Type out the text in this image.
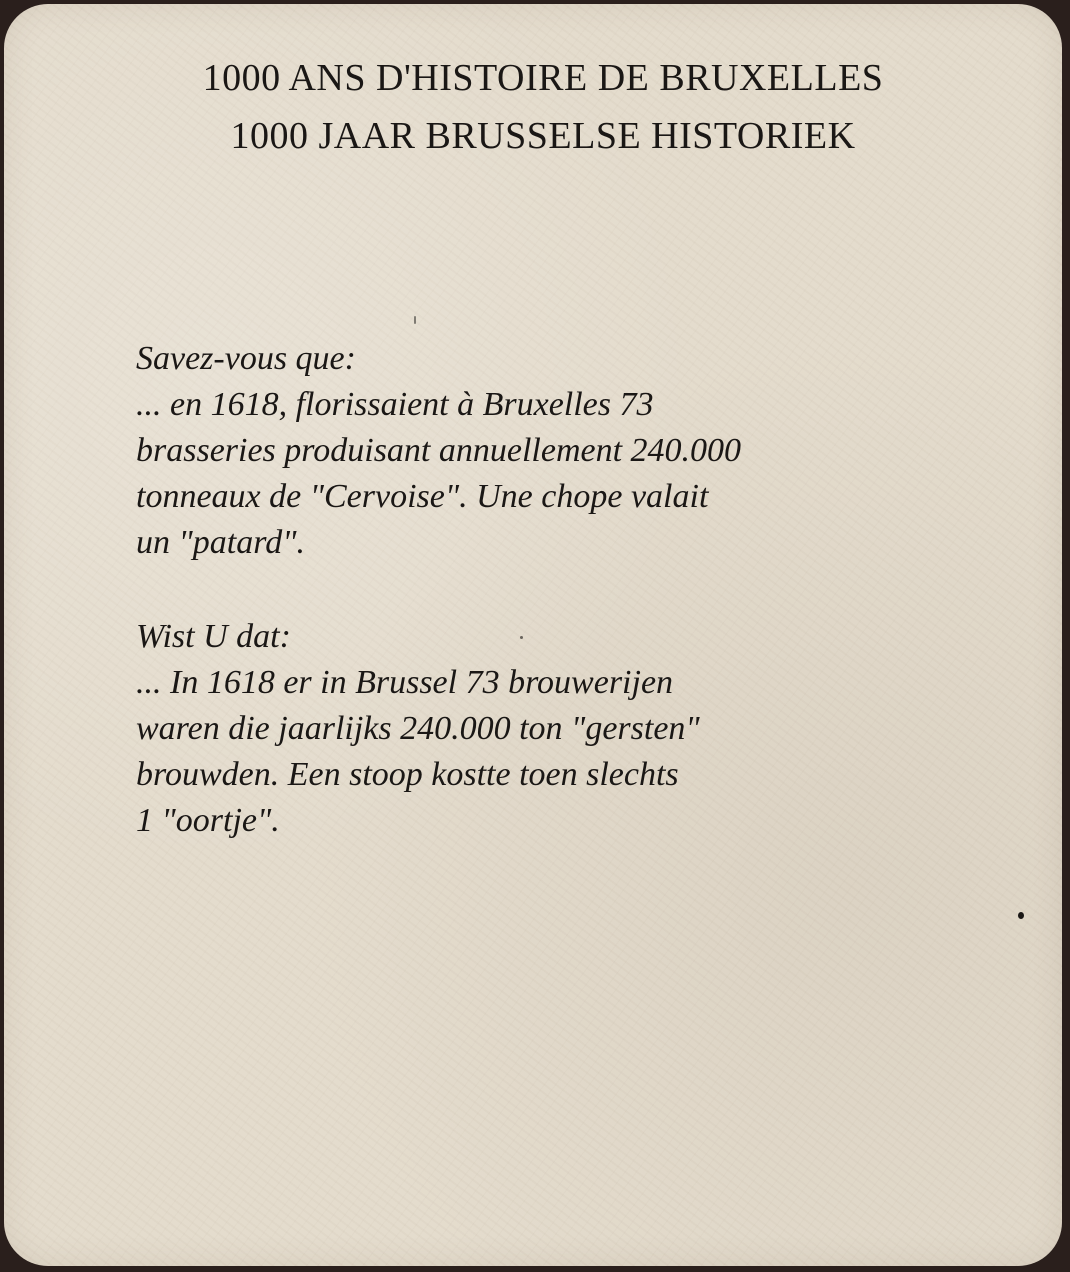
1000 ANS D'HISTOIRE DE BRUXELLES
1000 JAAR BRUSSELSE HISTORIEK
Savez-vous que:
... en 1618, florissaient à Bruxelles 73
brasseries produisant annuellement 240.000
tonneaux de "Cervoise". Une chope valait
un "patard".
Wist U dat:
... In 1618 er in Brussel 73 brouwerijen
waren die jaarlijks 240.000 ton "gersten"
brouwden. Een stoop kostte toen slechts
1 "oortje".
